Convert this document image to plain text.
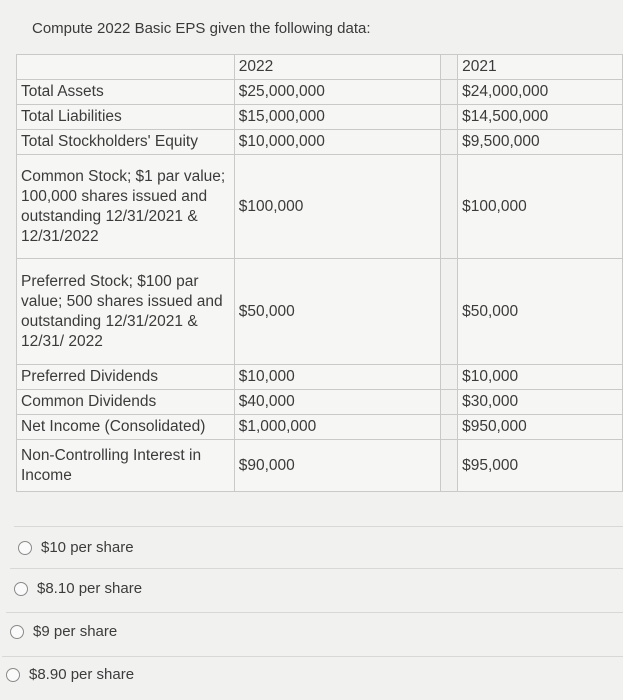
Compute 2022 Basic EPS given the following data:
	2022		2021
Total Assets	$25,000,000		$24,000,000
Total Liabilities	$15,000,000		$14,500,000
Total Stockholders' Equity	$10,000,000		$9,500,000
Common Stock; $1 par value; 100,000 shares issued and outstanding 12/31/2021 & 12/31/2022	$100,000		$100,000
Preferred Stock; $100 par value; 500 shares issued and outstanding 12/31/2021 & 12/31/ 2022	$50,000		$50,000
Preferred Dividends	$10,000		$10,000
Common Dividends	$40,000		$30,000
Net Income (Consolidated)	$1,000,000		$950,000
Non-Controlling Interest in Income	$90,000		$95,000
$10 per share
$8.10 per share
$9 per share
$8.90 per share
